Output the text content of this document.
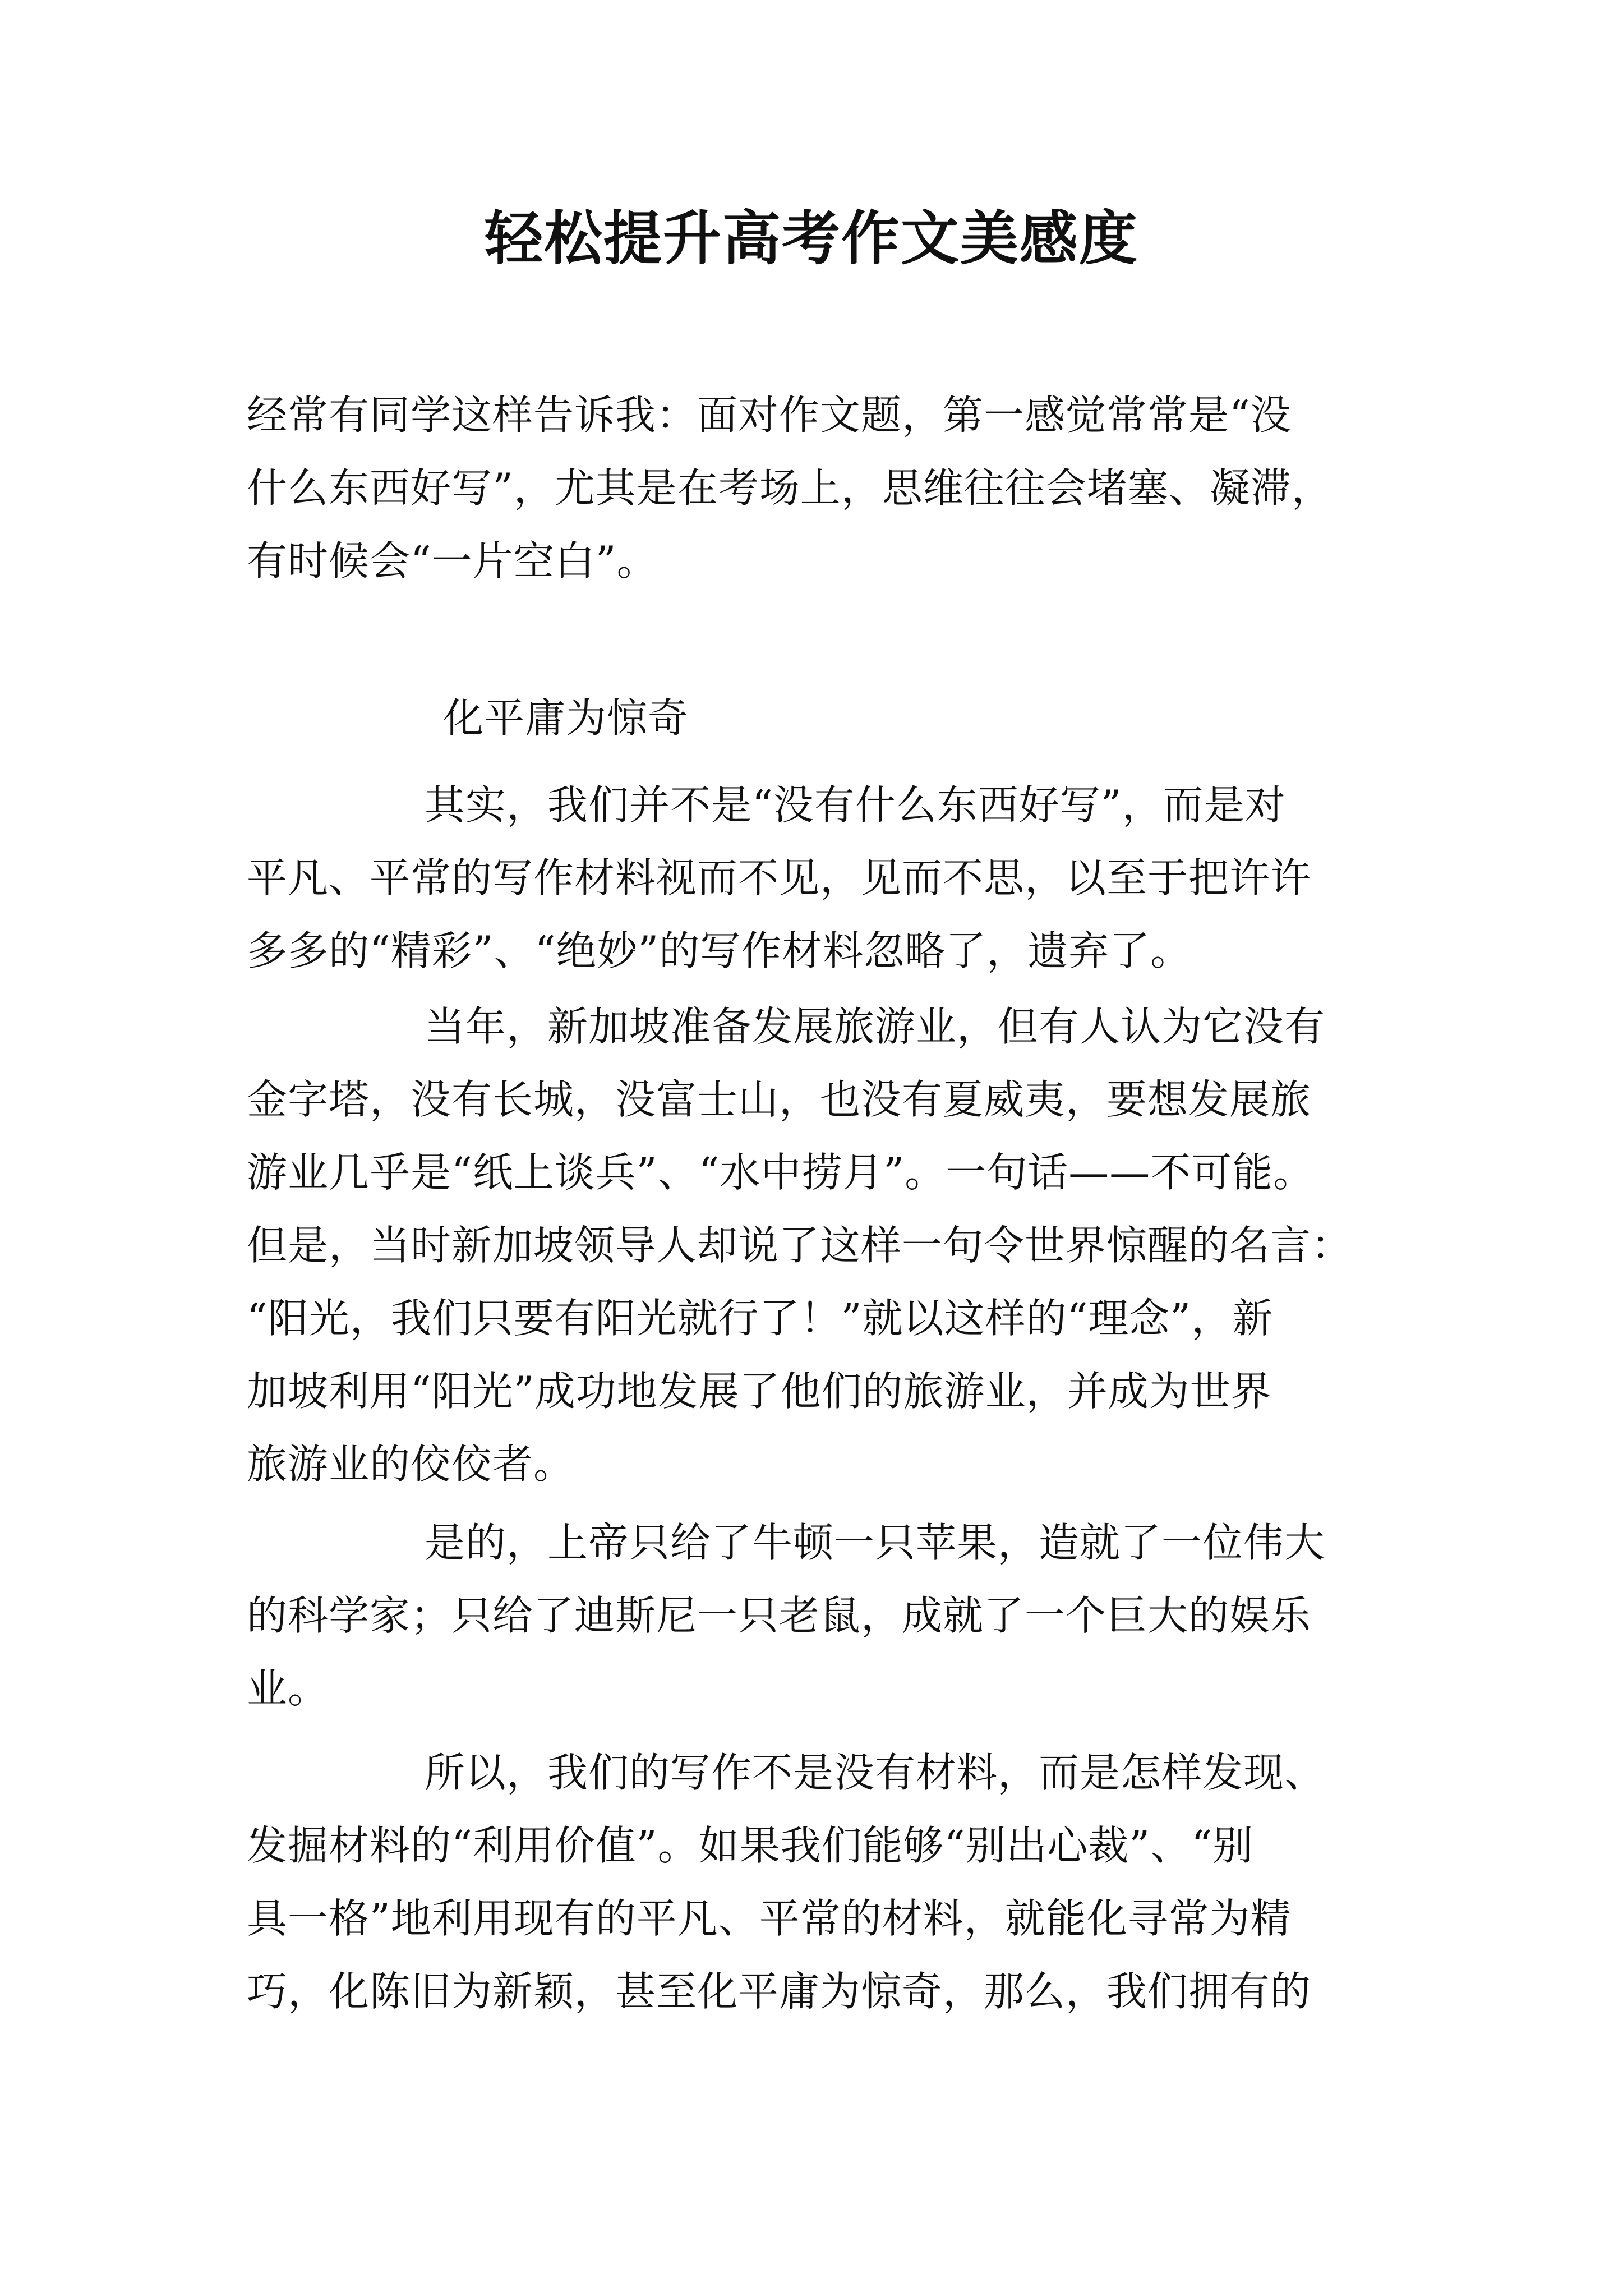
轻松提升高考作文美感度
经常有同学这样告诉我：面对作文题，第一感觉常常是“没
什么东西好写”，尤其是在考场上，思维往往会堵塞、凝滞，
有时候会“一片空白”。
化平庸为惊奇
其实，我们并不是“没有什么东西好写”，而是对
平凡、平常的写作材料视而不见，见而不思，以至于把许许
多多的“精彩”、“绝妙”的写作材料忽略了，遗弃了。
当年，新加坡准备发展旅游业，但有人认为它没有
金字塔，没有长城，没富士山，也没有夏威夷，要想发展旅
游业几乎是“纸上谈兵”、“水中捞月”。一句话——不可能。
但是，当时新加坡领导人却说了这样一句令世界惊醒的名言：
“阳光，我们只要有阳光就行了！”就以这样的“理念”，新
加坡利用“阳光”成功地发展了他们的旅游业，并成为世界
旅游业的佼佼者。
是的，上帝只给了牛顿一只苹果，造就了一位伟大
的科学家；只给了迪斯尼一只老鼠，成就了一个巨大的娱乐
业。
所以，我们的写作不是没有材料，而是怎样发现、
发掘材料的“利用价值”。如果我们能够“别出心裁”、“别
具一格”地利用现有的平凡、平常的材料，就能化寻常为精
巧，化陈旧为新颖，甚至化平庸为惊奇，那么，我们拥有的
